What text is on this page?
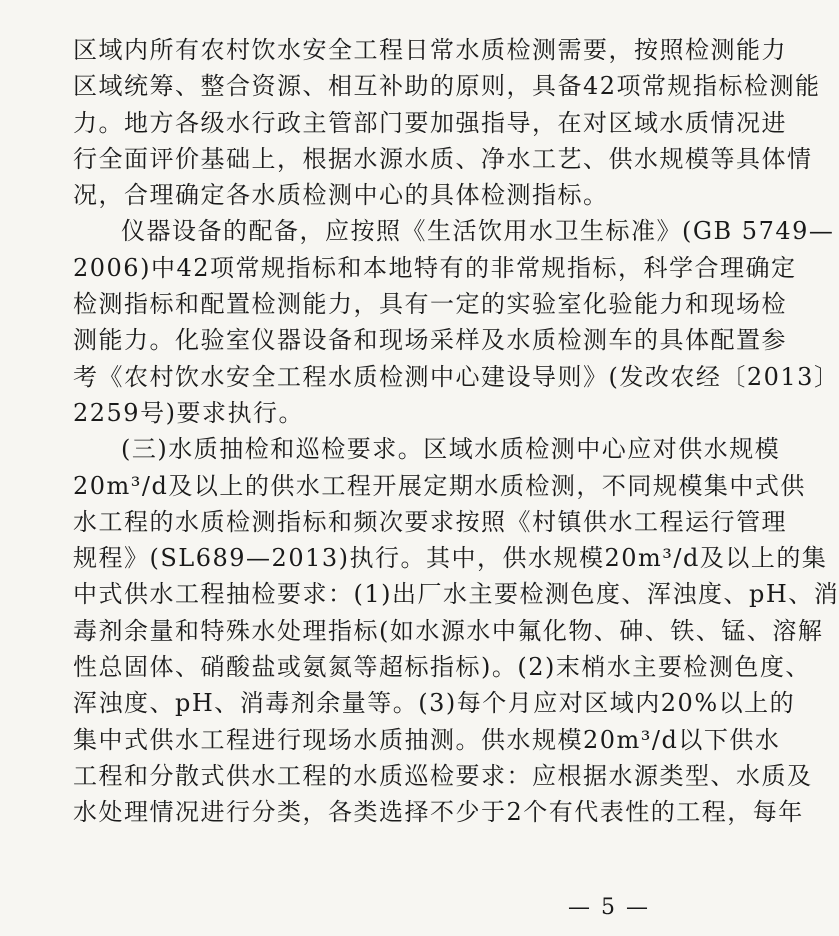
区域内所有农村饮水安全工程日常水质检测需要，按照检测能力
区域统筹、整合资源、相互补助的原则，具备42项常规指标检测能
力。地方各级水行政主管部门要加强指导，在对区域水质情况进
行全面评价基础上，根据水源水质、净水工艺、供水规模等具体情
况，合理确定各水质检测中心的具体检测指标。
仪器设备的配备，应按照《生活饮用水卫生标准》(GB 5749—
2006)中42项常规指标和本地特有的非常规指标，科学合理确定
检测指标和配置检测能力，具有一定的实验室化验能力和现场检
测能力。化验室仪器设备和现场采样及水质检测车的具体配置参
考《农村饮水安全工程水质检测中心建设导则》(发改农经〔2013〕
2259号)要求执行。
(三)水质抽检和巡检要求。区域水质检测中心应对供水规模
20m³/d及以上的供水工程开展定期水质检测，不同规模集中式供
水工程的水质检测指标和频次要求按照《村镇供水工程运行管理
规程》(SL689—2013)执行。其中，供水规模20m³/d及以上的集
中式供水工程抽检要求：(1)出厂水主要检测色度、浑浊度、pH、消
毒剂余量和特殊水处理指标(如水源水中氟化物、砷、铁、锰、溶解
性总固体、硝酸盐或氨氮等超标指标)。(2)末梢水主要检测色度、
浑浊度、pH、消毒剂余量等。(3)每个月应对区域内20%以上的
集中式供水工程进行现场水质抽测。供水规模20m³/d以下供水
工程和分散式供水工程的水质巡检要求：应根据水源类型、水质及
水处理情况进行分类，各类选择不少于2个有代表性的工程，每年
— 5 —
